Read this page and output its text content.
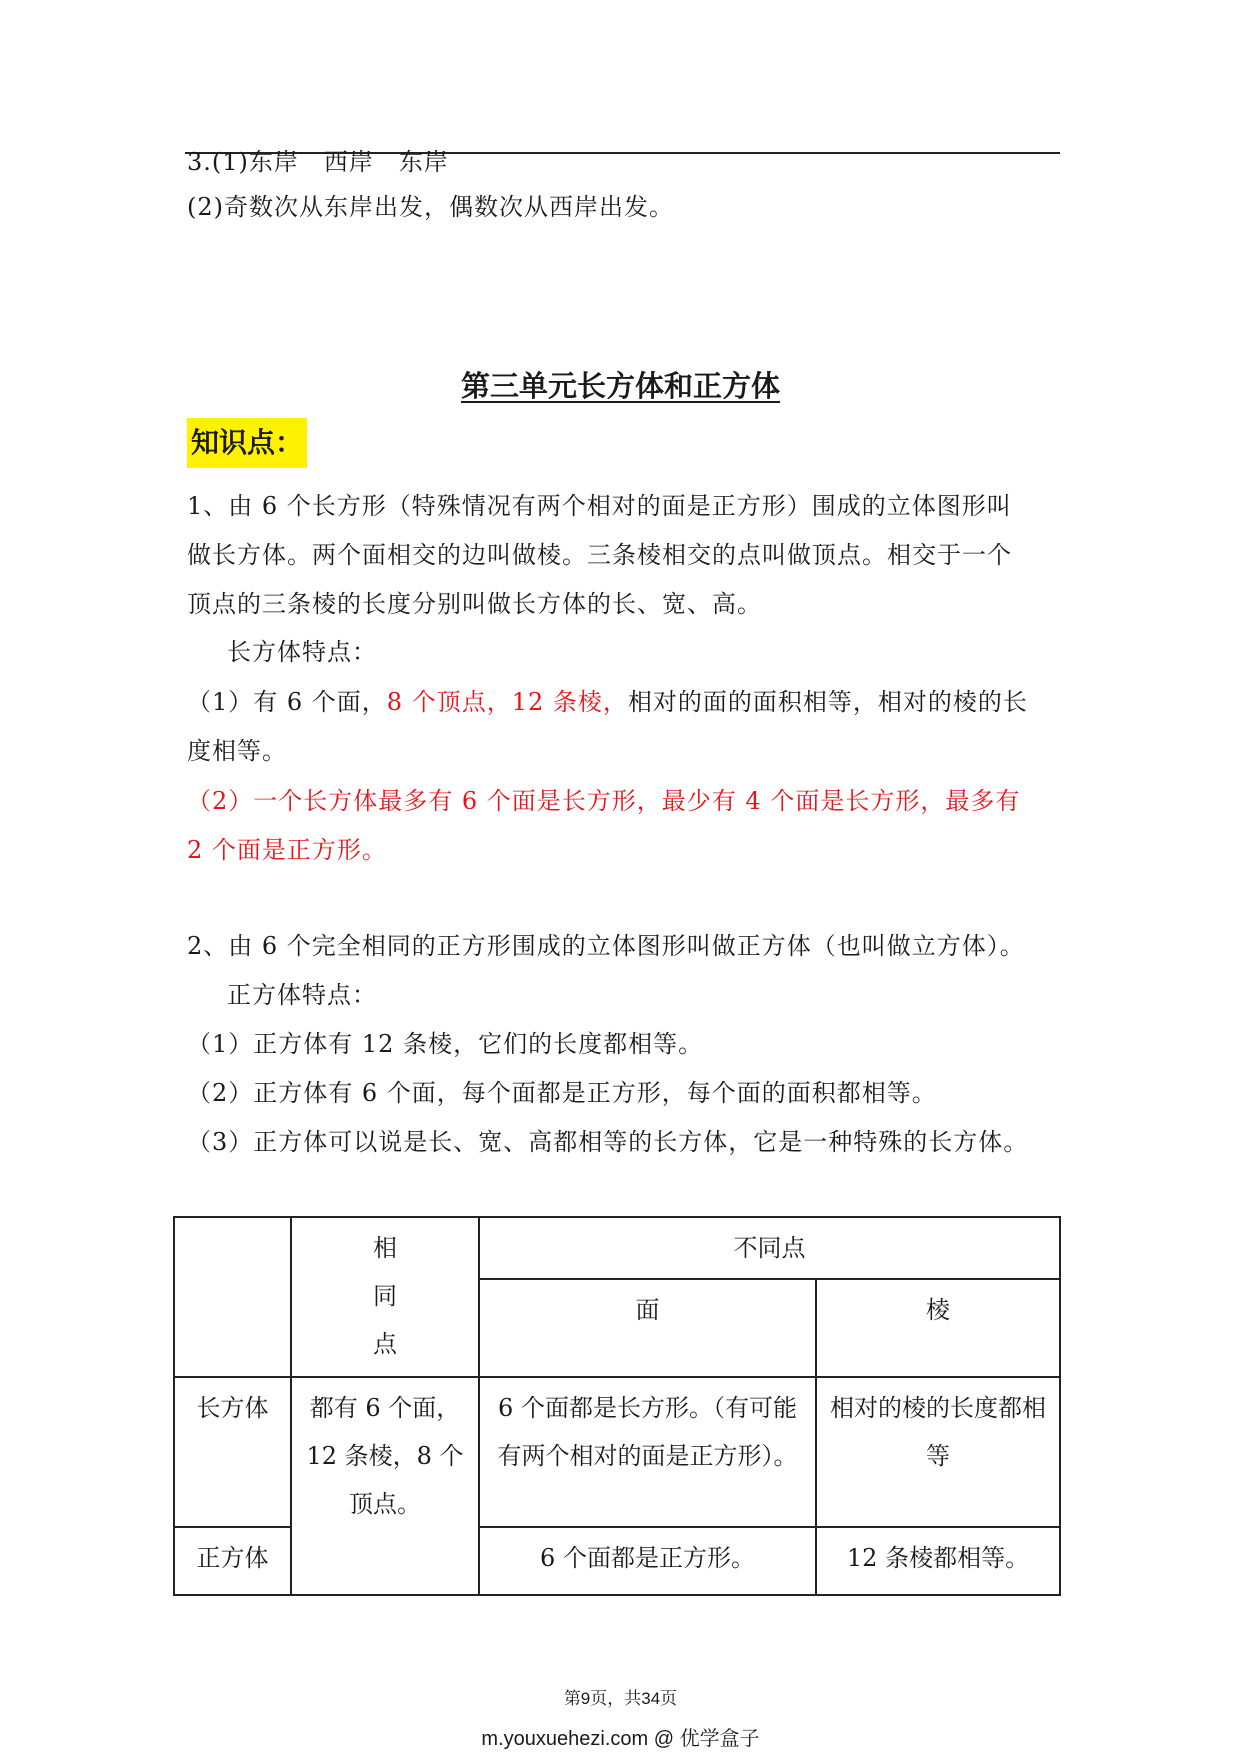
3.(1)东岸　西岸　东岸
(2)奇数次从东岸出发，偶数次从西岸出发。
第三单元长方体和正方体
知识点：
1、由 6 个长方形（特殊情况有两个相对的面是正方形）围成的立体图形叫
做长方体。两个面相交的边叫做棱。三条棱相交的点叫做顶点。相交于一个
顶点的三条棱的长度分别叫做长方体的长、宽、高。
长方体特点：
（1）有 6 个面，8 个顶点，12 条棱，相对的面的面积相等，相对的棱的长
度相等。
（2）一个长方体最多有 6 个面是长方形，最少有 4 个面是长方形，最多有
2 个面是正方形。
2、由 6 个完全相同的正方形围成的立体图形叫做正方体（也叫做立方体）。
正方体特点：
（1）正方体有 12 条棱，它们的长度都相等。
（2）正方体有 6 个面，每个面都是正方形，每个面的面积都相等。
（3）正方体可以说是长、宽、高都相等的长方体，它是一种特殊的长方体。
	相同点	不同点	
		面	棱
长方体	都有 6 个面，12 条棱，8 个顶点。	6 个面都是长方形。（有可能有两个相对的面是正方形）。	相对的棱的长度都相等
正方体		6 个面都是正方形。	12 条棱都相等。
第9页，共34页
m.youxuehezi.com @ 优学盒子
